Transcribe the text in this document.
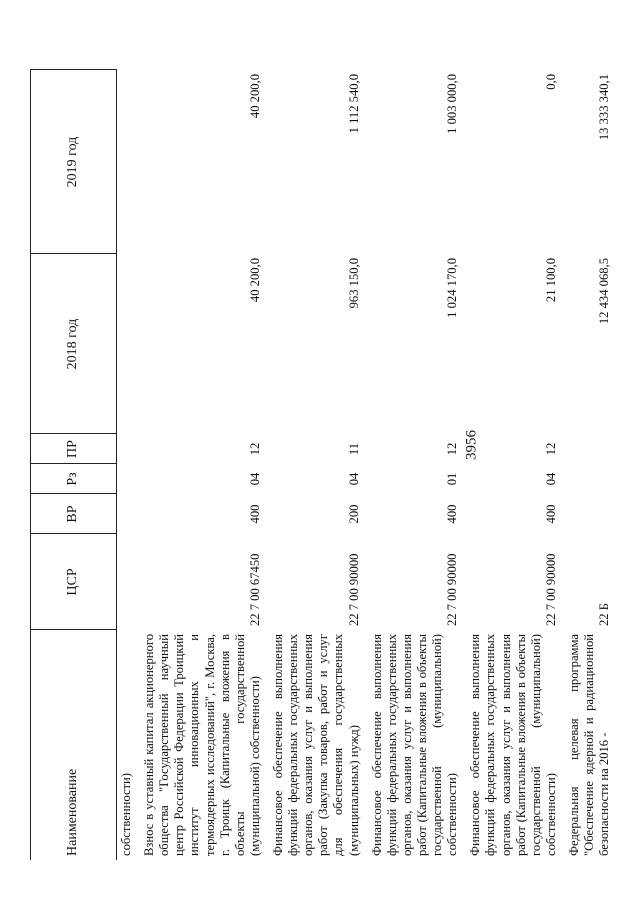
3956
Наименование	ЦСР	ВР	Рз	ПР	2018 год	2019 год
собственности)						
Взнос в уставный капитал акционерного общества "Государственный научный центр Российской Федерации Троицкий институт инновационных и термоядерных исследований", г. Москва, г. Троицк (Капитальные вложения в объекты государственной (муниципальной) собственности)	22 7 00 67450	400	04	12	40 200,0	40 200,0
Финансовое обеспечение выполнения функций федеральных государственных органов, оказания услуг и выполнения работ (Закупка товаров, работ и услуг для обеспечения государственных (муниципальных) нужд)	22 7 00 90000	200	04	11	963 150,0	1 112 540,0
Финансовое обеспечение выполнения функций федеральных государственных органов, оказания услуг и выполнения работ (Капитальные вложения в объекты государственной (муниципальной) собственности)	22 7 00 90000	400	01	12	1 024 170,0	1 003 000,0
Финансовое обеспечение выполнения функций федеральных государственных органов, оказания услуг и выполнения работ (Капитальные вложения в объекты государственной (муниципальной) собственности)	22 7 00 90000	400	04	12	21 100,0	0,0
Федеральная целевая программа "Обеспечение ядерной и радиационной безопасности на 2016 -	22 Б				12 434 068,5	13 333 340,1
